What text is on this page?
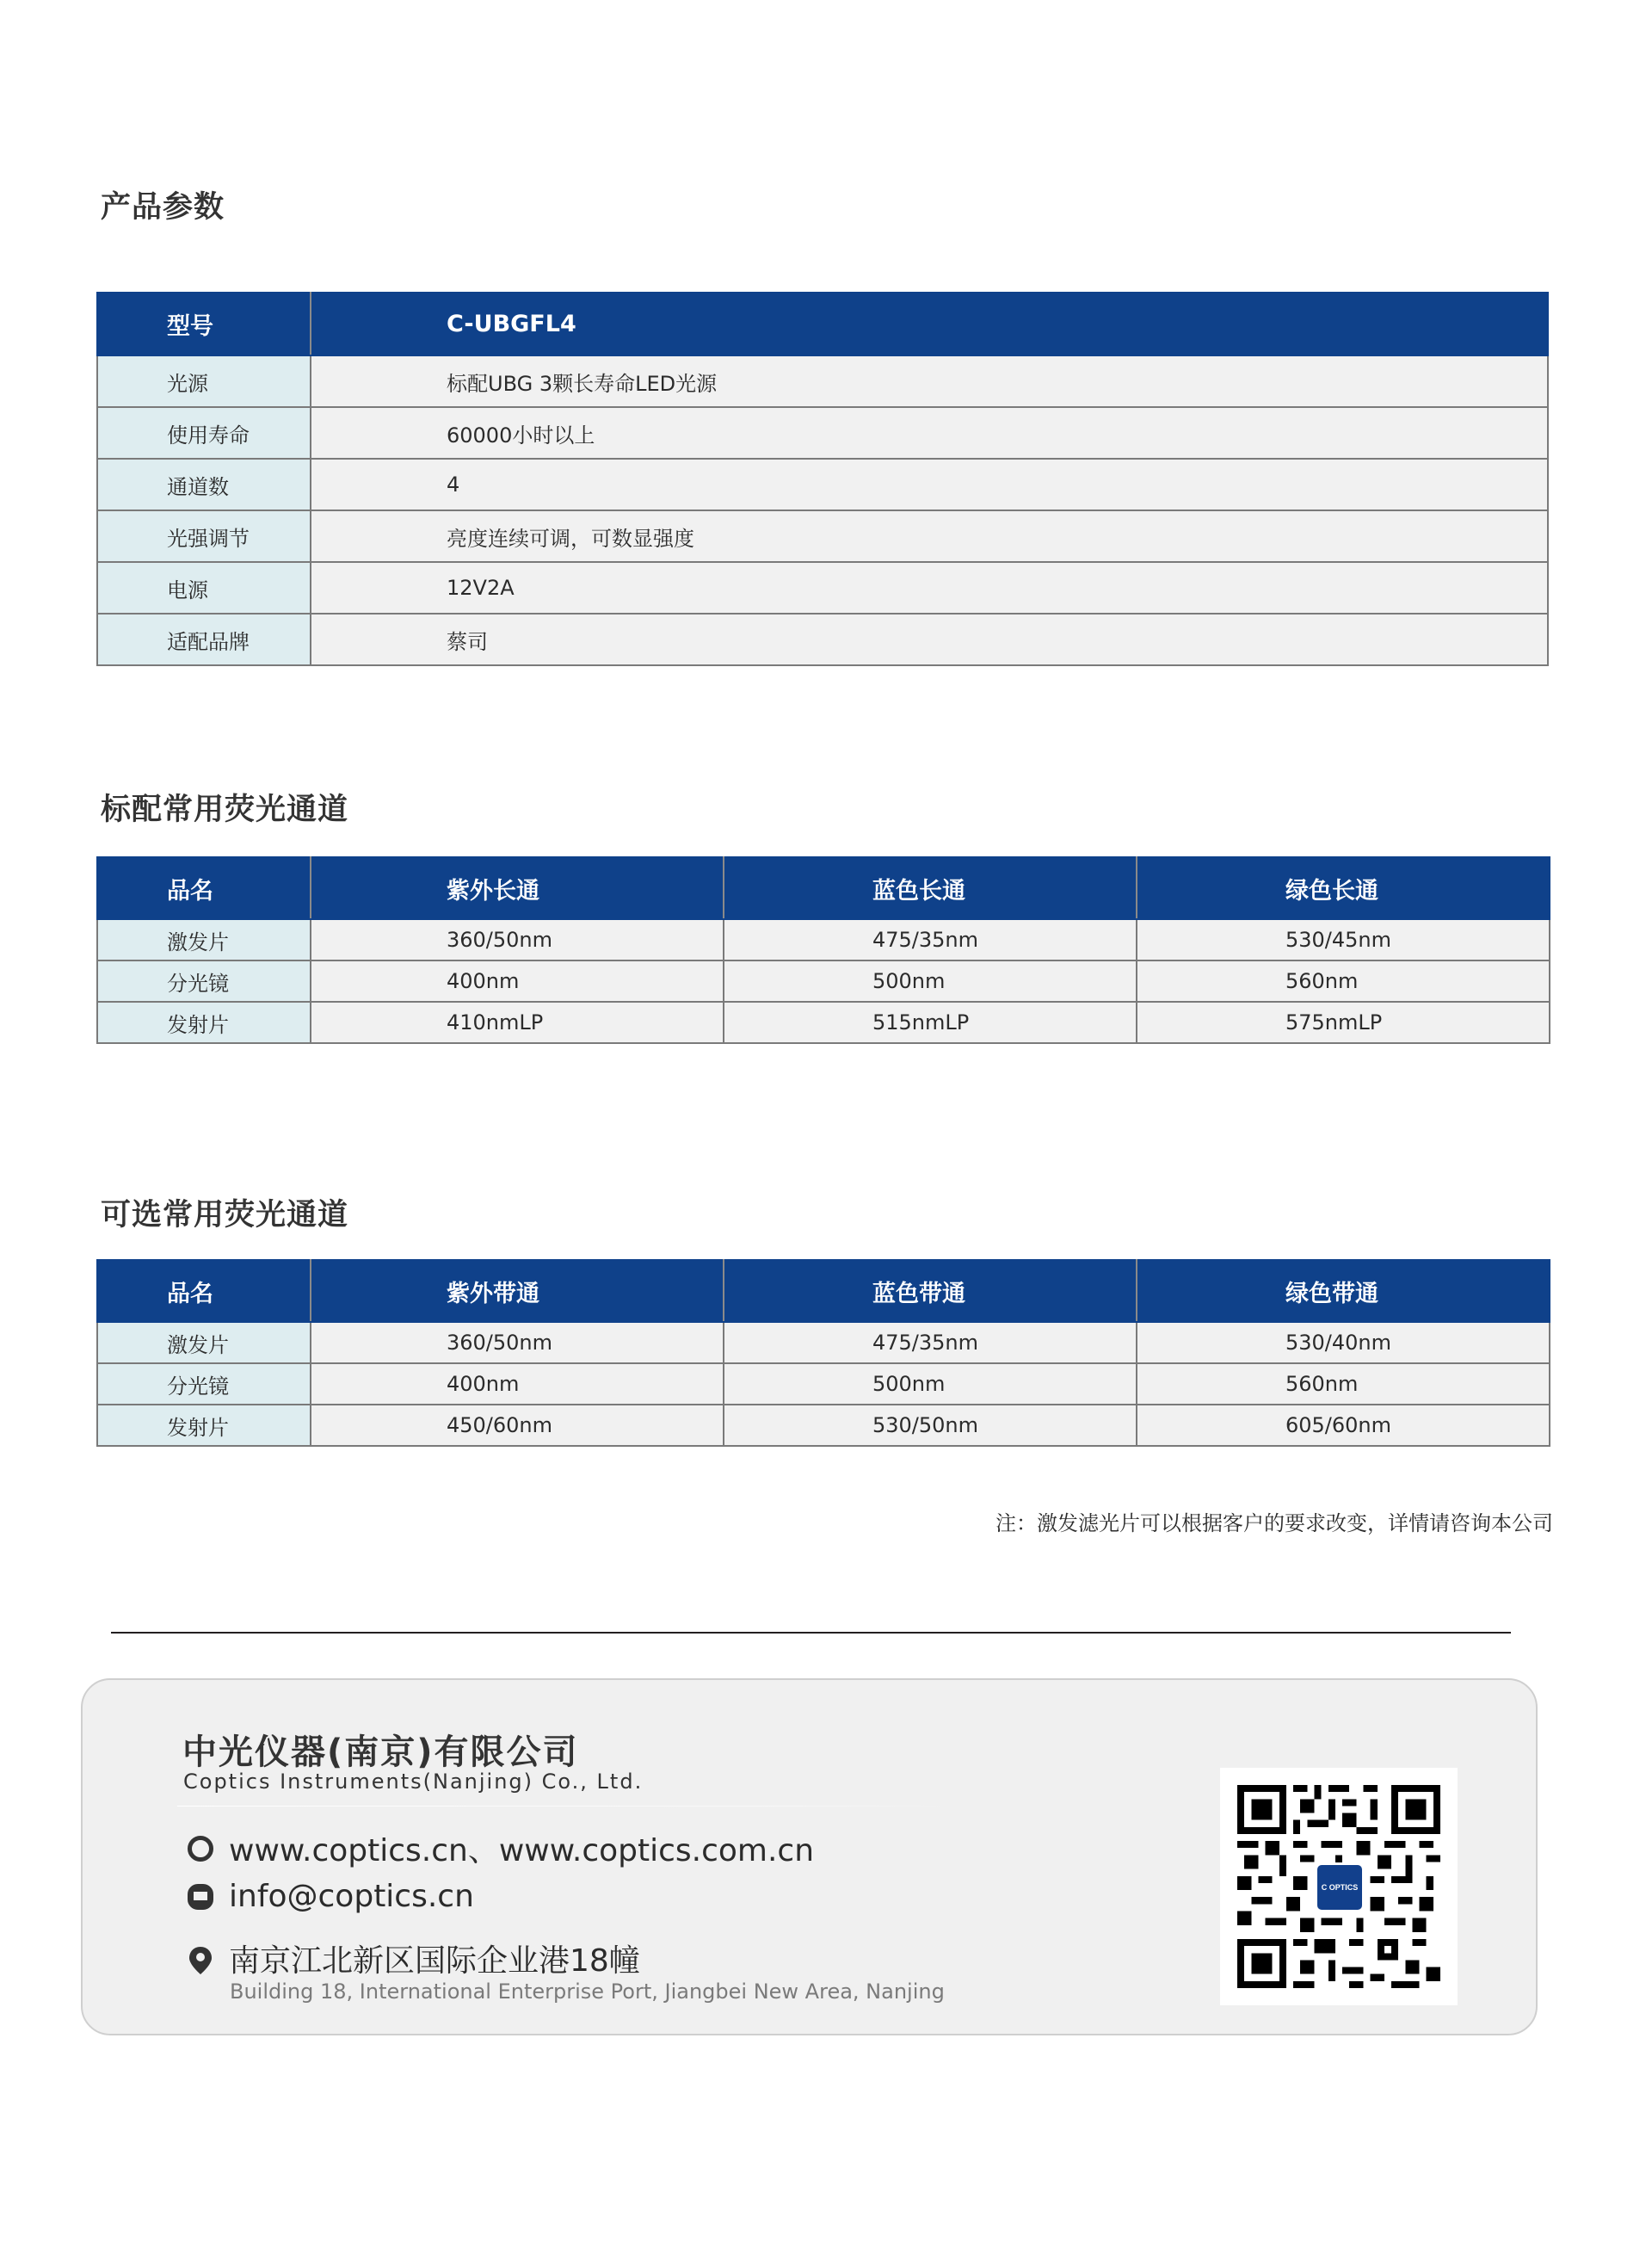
产品参数
型号	C-UBGFL4
光源	标配UBG 3颗长寿命LED光源
使用寿命	60000小时以上
通道数	4
光强调节	亮度连续可调，可数显强度
电源	12V2A
适配品牌	蔡司
标配常用荧光通道
品名	紫外长通	蓝色长通	绿色长通
激发片	360/50nm	475/35nm	530/45nm
分光镜	400nm	500nm	560nm
发射片	410nmLP	515nmLP	575nmLP
可选常用荧光通道
品名	紫外带通	蓝色带通	绿色带通
激发片	360/50nm	475/35nm	530/40nm
分光镜	400nm	500nm	560nm
发射片	450/60nm	530/50nm	605/60nm
注：激发滤光片可以根据客户的要求改变，详情请咨询本公司
中光仪器(南京)有限公司
Coptics Instruments(Nanjing) Co., Ltd.
www.coptics.cn、www.coptics.com.cn
info@coptics.cn
南京江北新区国际企业港18幢
Building 18, International Enterprise Port, Jiangbei New Area, Nanjing
C OPTICS
